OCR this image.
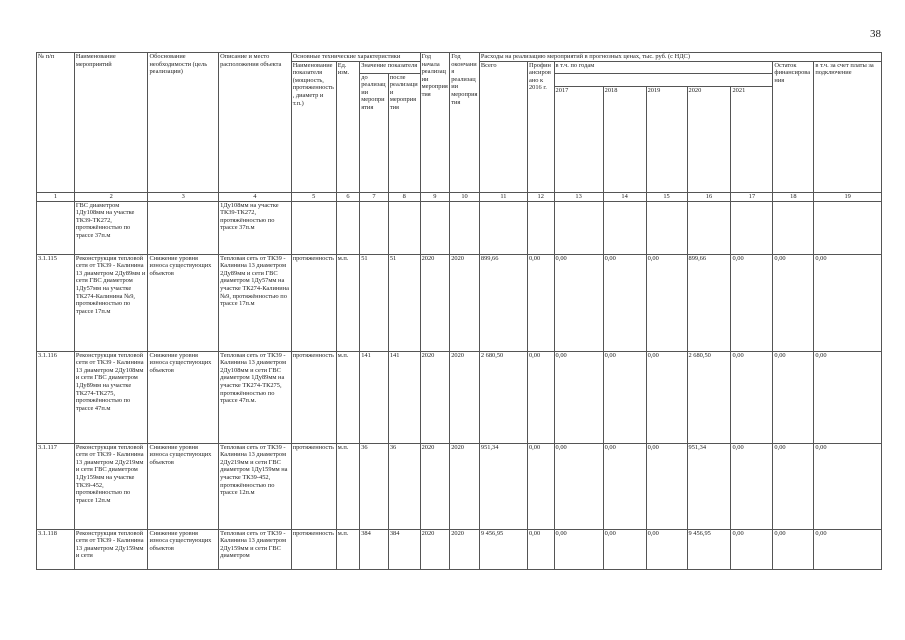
38
№ п/п	Наименование мероприятий	Обоснование необходимости (цель реализации)	Описание и место расположения объекта	Основные технические характеристики				Год начала реализации мероприятия	Год окончания реализации мероприятия	Расходы на реализацию мероприятий в прогнозных ценах, тыс. руб. (с НДС)								
				Наименование показателя (мощность, протяженность, диаметр и т.п.)	Ед. изм.	Значение показателя				Всего	Профинансировано к 2016 г.	в т.ч. по годам					Остаток финансирования	в т.ч. за счет платы за подключение
						до реализации мероприятия	после реализации мероприятия											
												2017	2018	2019	2020	2021		
1	2	3	4	5	6	7	8	9	10	11	12	13	14	15	16	17	18	19
	ГВС диаметром 1Ду108мм на участке ТК39-ТК272, протяжённостью по трассе 37п.м		1Ду108мм на участке ТК39-ТК272, протяжённостью по трассе 37п.м															
3.1.115	Реконструкция тепловой сети от ТК39 - Калинина 13 диаметром 2Ду89мм и сети ГВС диаметром 1Ду57мм на участке ТК274-Калинина №9, протяжённостью по трассе 17п.м	Снижение уровня износа существующих объектов	Тепловая сеть от ТК39 - Калинина 13 диаметром 2Ду89мм и сети ГВС диаметром 1Ду57мм на участке ТК274-Калинина №9, протяжённостью по трассе 17п.м	протяженность	м.п.	51	51	2020	2020	899,66	0,00	0,00	0,00	0,00	899,66	0,00	0,00	0,00
3.1.116	Реконструкция тепловой сети от ТК39 - Калинина 13 диаметром 2Ду108мм и сети ГВС диаметром 1Ду89мм на участке ТК274-ТК275, протяжённостью по трассе 47п.м	Снижение уровня износа существующих объектов	Тепловая сеть от ТК39 - Калинина 13 диаметром 2Ду108мм и сети ГВС диаметром 1Ду89мм на участке ТК274-ТК275, протяжённостью по трассе 47п.м.	протяженность	м.п.	141	141	2020	2020	2 680,50	0,00	0,00	0,00	0,00	2 680,50	0,00	0,00	0,00
3.1.117	Реконструкция тепловой сети от ТК39 - Калинина 13 диаметром 2Ду219мм и сети ГВС диаметром 1Ду159мм на участке ТК39-452, протяжённостью по трассе 12п.м	Снижение уровня износа существующих объектов	Тепловая сеть от ТК39 - Калинина 13 диаметром 2Ду219мм и сети ГВС диаметром 1Ду159мм на участке ТК39-452, протяжённостью по трассе 12п.м	протяженность	м.п.	36	36	2020	2020	951,34	0,00	0,00	0,00	0,00	951,34	0,00	0,00	0,00
3.1.118	Реконструкция тепловой сети от ТК39 - Калинина 13 диаметром 2Ду159мм и сети	Снижение уровня износа существующих объектов	Тепловая сеть от ТК39 - Калинина 13 диаметром 2Ду159мм и сети ГВС диаметром	протяженность	м.п.	384	384	2020	2020	9 456,95	0,00	0,00	0,00	0,00	9 456,95	0,00	0,00	0,00
